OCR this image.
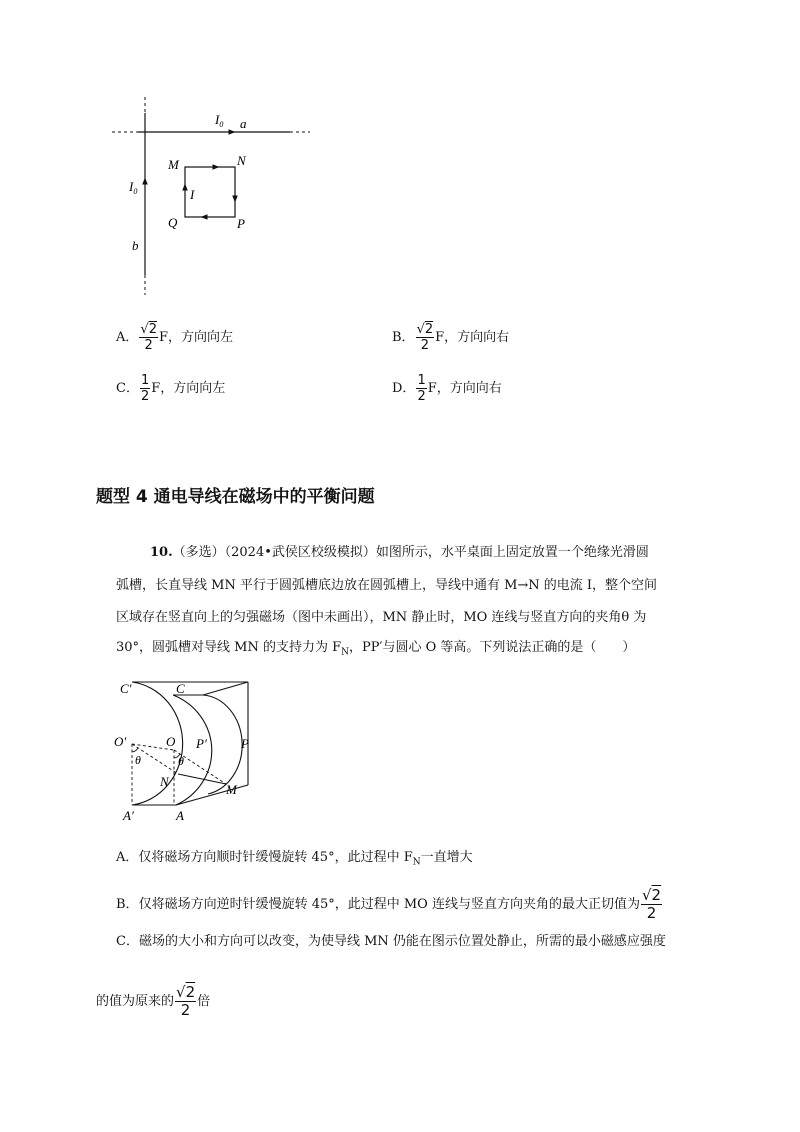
$I_0$ a
M	N
I
Q	P
$I_0$
b
A． $\frac{√2}{2}$ F，方向向左	B． $\frac{√2}{2}$ F，方向向右
C． $\frac{1}{2}$ F，方向向左	D． $\frac{1}{2}$ F，方向向右
题型 4 通电导线在磁场中的平衡问题
10.（多选）（2024•武侯区校级模拟）如图所示，水平桌面上固定放置一个绝缘光滑圆
弧槽，长直导线 MN 平行于圆弧槽底边放在圆弧槽上，导线中通有 M→N 的电流 I，整个空间
区域存在竖直向上的匀强磁场（图中未画出），MN 静止时，MO 连线与竖直方向的夹角θ 为
30°，圆弧槽对导线 MN 的支持力为 $F_N$，PP′与圆心 O 等高。下列说法正确的是（　　）
C′	C
O′	O P′	P
θ	θ
N
M
A′	A
A．仅将磁场方向顺时针缓慢旋转 45°，此过程中 $F_N$一直增大
B．仅将磁场方向逆时针缓慢旋转 45°，此过程中 MO 连线与竖直方向夹角的最大正切值为 $\frac{√2}{2}$
C．磁场的大小和方向可以改变，为使导线 MN 仍能在图示位置处静止，所需的最小磁感应强度
的值为原来的 $\frac{√2}{2}$ 倍
